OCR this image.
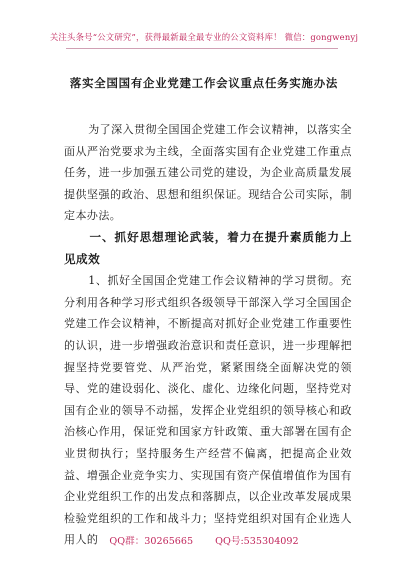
关注头条号“公文研究”，获得最新最全最专业的公文资料库！ 微信：gongwenyj
落实全国国有企业党建工作会议重点任务实施办法

为了深入贯彻全国国企党建工作会议精神，以落实全面从严治党要求为主线，全面落实国有企业党建工作重点任务，进一步加强五建公司党的建设，为企业高质量发展提供坚强的政治、思想和组织保证。现结合公司实际，制定本办法。

一、抓好思想理论武装，着力在提升素质能力上见成效

1、抓好全国国企党建工作会议精神的学习贯彻。充分利用各种学习形式组织各级领导干部深入学习全国国企党建工作会议精神，不断提高对抓好企业党建工作重要性的认识，进一步增强政治意识和责任意识，进一步理解把握坚持党要管党、从严治党，紧紧围绕全面解决党的领导、党的建设弱化、淡化、虚化、边缘化问题，坚持党对国有企业的领导不动摇，发挥企业党组织的领导核心和政治核心作用，保证党和国家方针政策、重大部署在国有企业贯彻执行；坚持服务生产经营不偏离，把提高企业效益、增强企业竞争实力、实现国有资产保值增值作为国有企业党组织工作的出发点和落脚点，以企业改革发展成果检验党组织的工作和战斗力；坚持党组织对国有企业选人用人的	QQ群：30265665 QQ号:535304092
